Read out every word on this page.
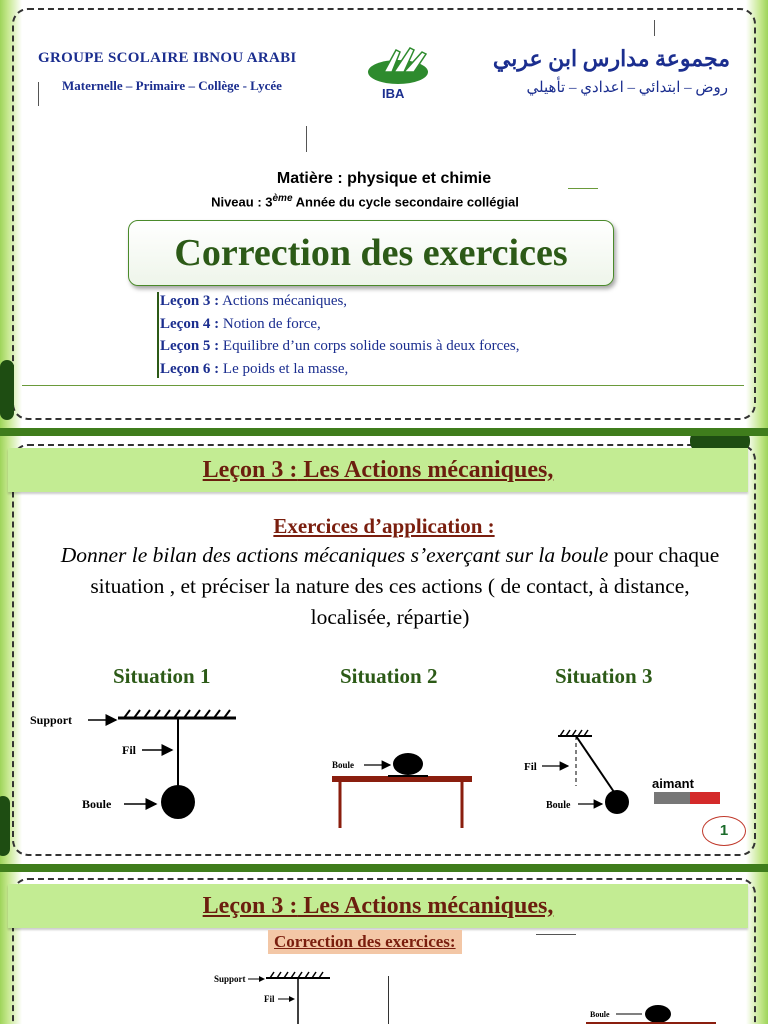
GROUPE SCOLAIRE IBNOU ARABI
Maternelle – Primaire – Collège - Lycée
IBA
مجموعة مدارس ابن عربي
روض – ابتدائي – اعدادي – تأهيلي
Matière : physique et chimie
Niveau : 3ème Année du cycle secondaire collégial
Correction des exercices
Leçon 3 : Actions mécaniques,
Leçon 4 : Notion de force,
Leçon 5 : Equilibre d’un corps solide soumis à deux forces,
Leçon 6 : Le poids et la masse,
Leçon 3 : Les Actions mécaniques,
Exercices d’application :
Donner le bilan des actions mécaniques s’exerçant sur la boule pour chaque situation , et préciser la nature des ces actions ( de contact, à distance, localisée, répartie)
Situation 1	Situation 2	Situation 3
Support
Fil
Boule
Boule	Fil
Boule
aimant
1
Leçon 3 : Les Actions mécaniques,
Correction des exercices:
Support
Fil
Boule
